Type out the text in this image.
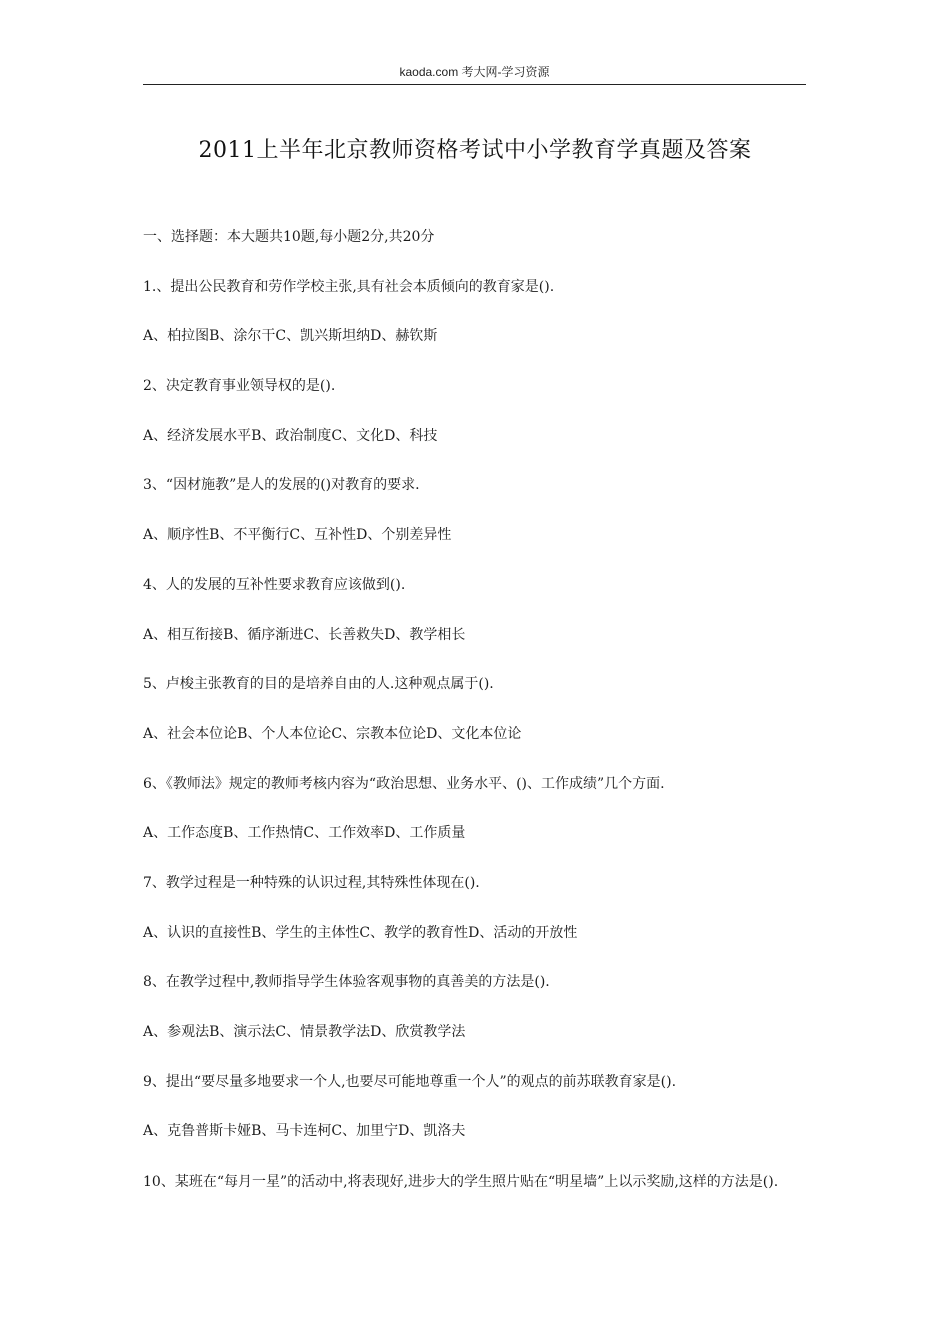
kaoda.com 考大网-学习资源
2011上半年北京教师资格考试中小学教育学真题及答案
一、选择题：本大题共10题,每小题2分,共20分
1.、提出公民教育和劳作学校主张,具有社会本质倾向的教育家是().
A、柏拉图B、涂尔干C、凯兴斯坦纳D、赫钦斯
2、决定教育事业领导权的是().
A、经济发展水平B、政治制度C、文化D、科技
3、“因材施教”是人的发展的()对教育的要求.
A、顺序性B、不平衡行C、互补性D、个别差异性
4、人的发展的互补性要求教育应该做到().
A、相互衔接B、循序渐进C、长善救失D、教学相长
5、卢梭主张教育的目的是培养自由的人.这种观点属于().
A、社会本位论B、个人本位论C、宗教本位论D、文化本位论
6、《教师法》规定的教师考核内容为“政治思想、业务水平、()、工作成绩”几个方面.
A、工作态度B、工作热情C、工作效率D、工作质量
7、教学过程是一种特殊的认识过程,其特殊性体现在().
A、认识的直接性B、学生的主体性C、教学的教育性D、活动的开放性
8、在教学过程中,教师指导学生体验客观事物的真善美的方法是().
A、参观法B、演示法C、情景教学法D、欣赏教学法
9、提出“要尽量多地要求一个人,也要尽可能地尊重一个人”的观点的前苏联教育家是().
A、克鲁普斯卡娅B、马卡连柯C、加里宁D、凯洛夫
10、某班在“每月一星”的活动中,将表现好,进步大的学生照片贴在“明星墙”上以示奖励,这样的方法是().
